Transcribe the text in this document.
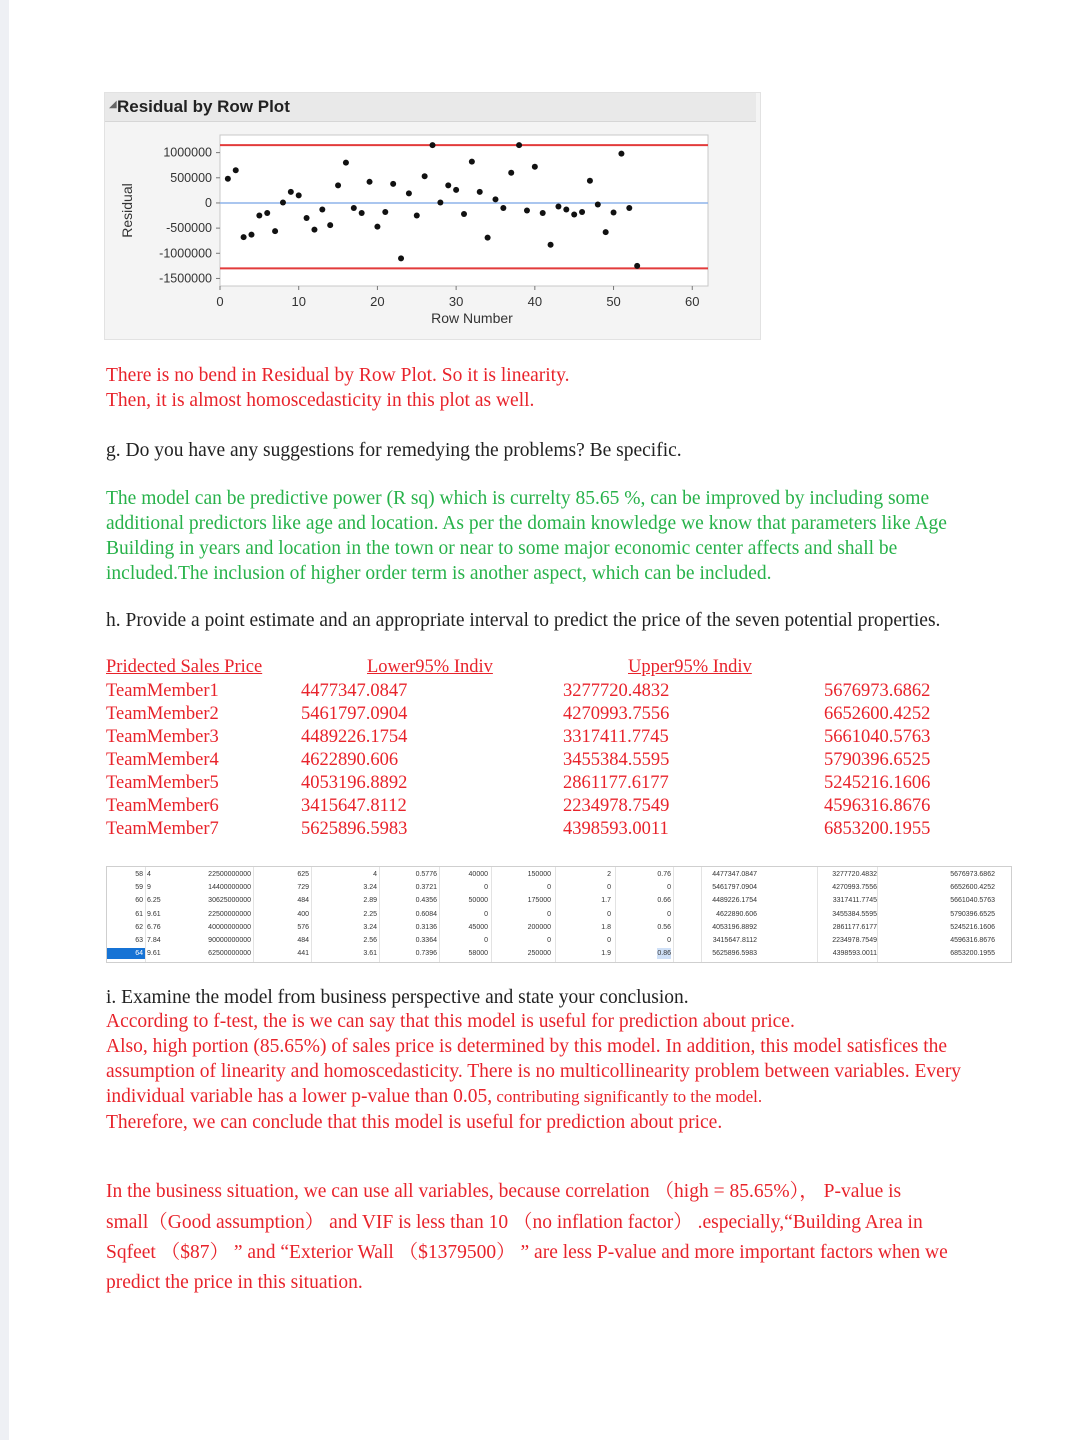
◢ Residual by Row Plot
1000000
500000
0
-500000
-1000000
-1500000
0	10	20	30	40	50	60
Row Number
Residual

There is no bend in Residual by Row Plot. So it is linearity.

Then, it is almost homoscedasticity in this plot as well.

g. Do you have any suggestions for remedying the problems? Be specific.

The model can be predictive power (R sq) which is currelty 85.65 %, can be improved by including some

additional predictors like age and location. As per the domain knowledge we know that parameters like Age

Building in years and location in the town or near to some major economic center affects and shall be

included.The inclusion of higher order term is another aspect, which can be included.

h. Provide a point estimate and an appropriate interval to predict the price of the seven potential properties.

Pridected Sales Price	Lower95% Indiv	Upper95% Indiv

i. Examine the model from business perspective and state your conclusion.

According to f-test, the is we can say that this model is useful for prediction about price.

Also, high portion (85.65%) of sales price is determined by this model. In addition, this model satisfices the

assumption of linearity and homoscedasticity. There is no multicollinearity problem between variables. Every

individual variable has a lower p-value than 0.05, contributing significantly to the model.

Therefore, we can conclude that this model is useful for prediction about price.

In the business situation, we can use all variables, because correlation （high = 85.65%）， P-value is

small（Good assumption） and VIF is less than 10 （no inflation factor） .especially,“Building Area in

Sqfeet （$87） ” and “Exterior Wall （$1379500） ” are less P-value and more important factors when we

predict the price in this situation.

58 4	22500000000	625	4	0.5776	40000	150000	2	0.76	4477347.0847	3277720.4832	5676973.6862
59 9	14400000000	729	3.24	0.3721	0	0	0	0	5461797.0904	4270993.7556	6652600.4252
60 6.25	30625000000	484	2.89	0.4356	50000	175000	1.7	0.66	4489226.1754	3317411.7745	5661040.5763
61 9.61	22500000000	400	2.25	0.6084	0	0	0	0	4622890.606	3455384.5595	5790396.6525
62 6.76	40000000000	576	3.24	0.3136	45000	200000	1.8	0.56	4053196.8892	2861177.6177	5245216.1606
63 7.84	90000000000	484	2.56	0.3364	0	0	0	0	3415647.8112	2234978.7549	4596316.8676
64 9.61	62500000000	441	3.61	0.7396	58000	250000	1.9	0.86	5625896.5983	4398593.0011	6853200.1955
TeamMember1	4477347.0847	3277720.4832	5676973.6862
TeamMember2	5461797.0904	4270993.7556	6652600.4252
TeamMember3	4489226.1754	3317411.7745	5661040.5763
TeamMember4	4622890.606	3455384.5595	5790396.6525
TeamMember5	4053196.8892	2861177.6177	5245216.1606
TeamMember6	3415647.8112	2234978.7549	4596316.8676
TeamMember7	5625896.5983	4398593.0011	6853200.1955
